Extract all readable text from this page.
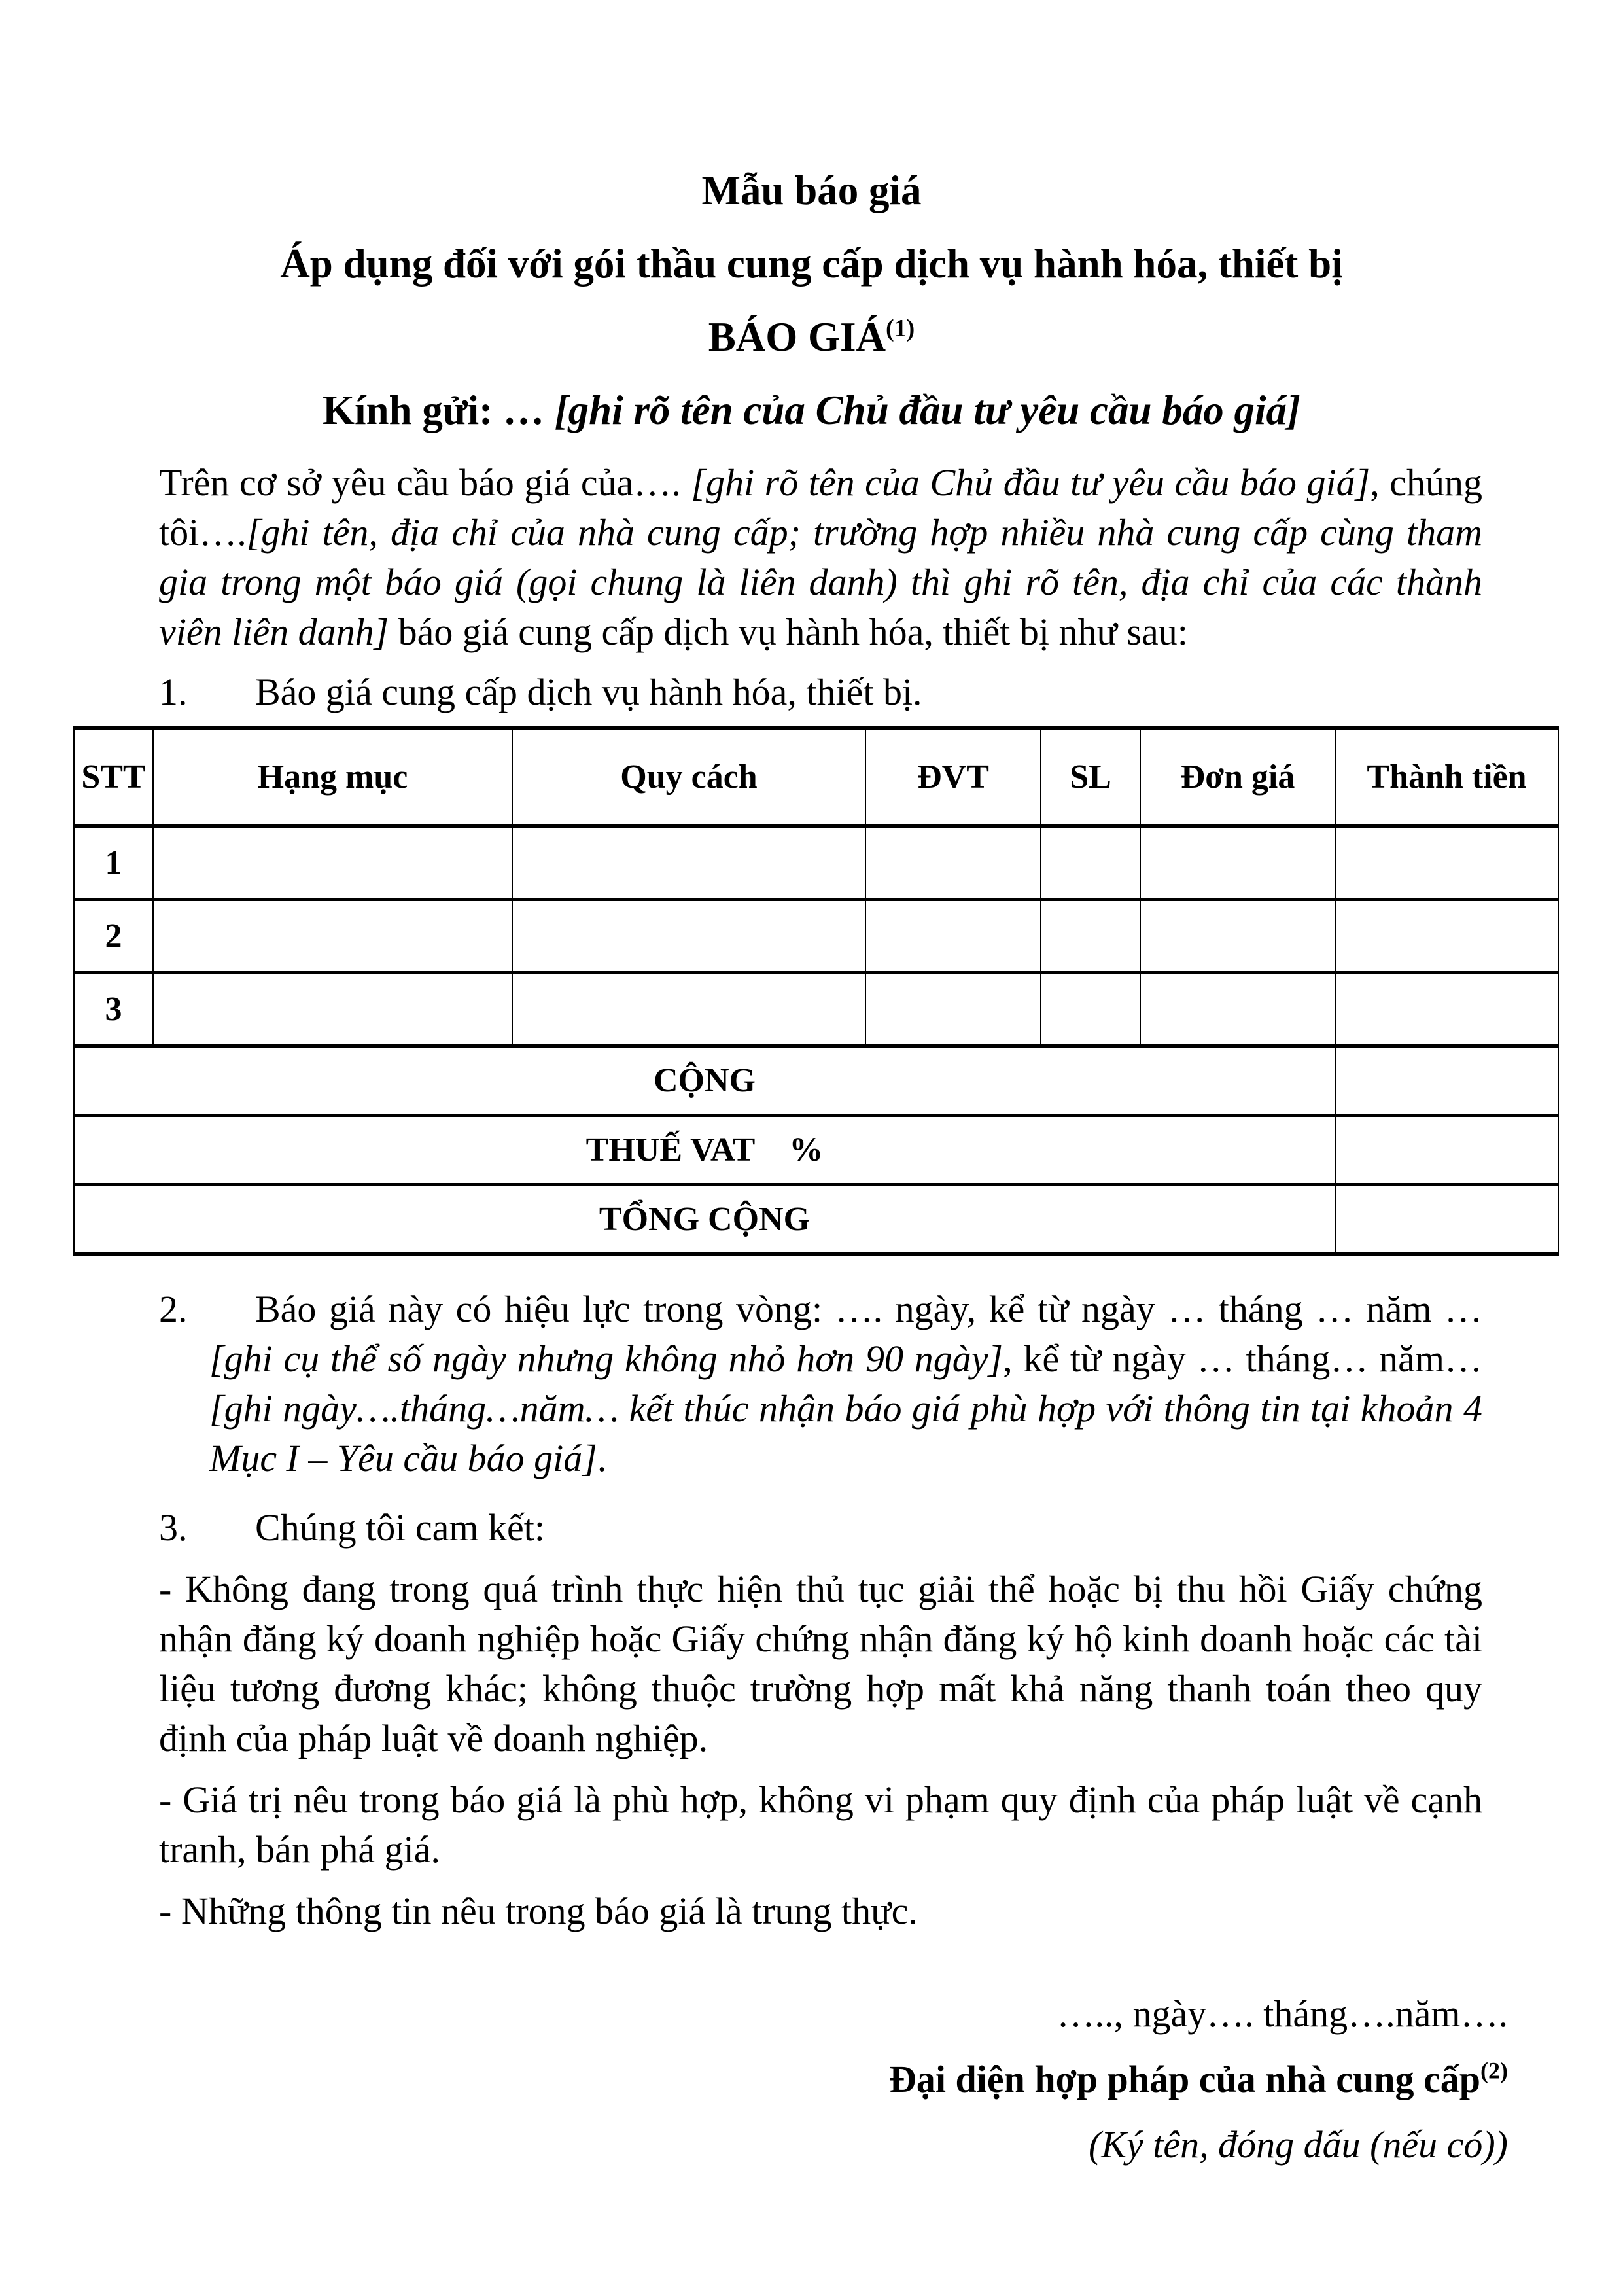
Mẫu báo giá

Áp dụng đối với gói thầu cung cấp dịch vụ hành hóa, thiết bị

BÁO GIÁ$^{(1)}$

Kính gửi: … [ghi rõ tên của Chủ đầu tư yêu cầu báo giá]

Trên cơ sở yêu cầu báo giá của…. [ghi rõ tên của Chủ đầu tư yêu cầu báo giá], chúng tôi….[ghi tên, địa chỉ của nhà cung cấp; trường hợp nhiều nhà cung cấp cùng tham gia trong một báo giá (gọi chung là liên danh) thì ghi rõ tên, địa chỉ của các thành viên liên danh] báo giá cung cấp dịch vụ hành hóa, thiết bị như sau:

1. Báo giá cung cấp dịch vụ hành hóa, thiết bị.

STT	Hạng mục	Quy cách	ĐVT	SL	Đơn giá	Thành tiền
1						
2						
3						
CỘNG						
THUẾ VAT    %						
TỔNG CỘNG						

2. Báo giá này có hiệu lực trong vòng: …. ngày, kể từ ngày … tháng … năm … [ghi cụ thể số ngày nhưng không nhỏ hơn 90 ngày], kể từ ngày … tháng… năm…[ghi ngày….tháng…năm… kết thúc nhận báo giá phù hợp với thông tin tại khoản 4 Mục I – Yêu cầu báo giá].

3. Chúng tôi cam kết:

- Không đang trong quá trình thực hiện thủ tục giải thể hoặc bị thu hồi Giấy chứng nhận đăng ký doanh nghiệp hoặc Giấy chứng nhận đăng ký hộ kinh doanh hoặc các tài liệu tương đương khác; không thuộc trường hợp mất khả năng thanh toán theo quy định của pháp luật về doanh nghiệp.

- Giá trị nêu trong báo giá là phù hợp, không vi phạm quy định của pháp luật về cạnh tranh, bán phá giá.

- Những thông tin nêu trong báo giá là trung thực.

….., ngày…. tháng….năm….

Đại diện hợp pháp của nhà cung cấp$^{(2)}$

(Ký tên, đóng dấu (nếu có))
